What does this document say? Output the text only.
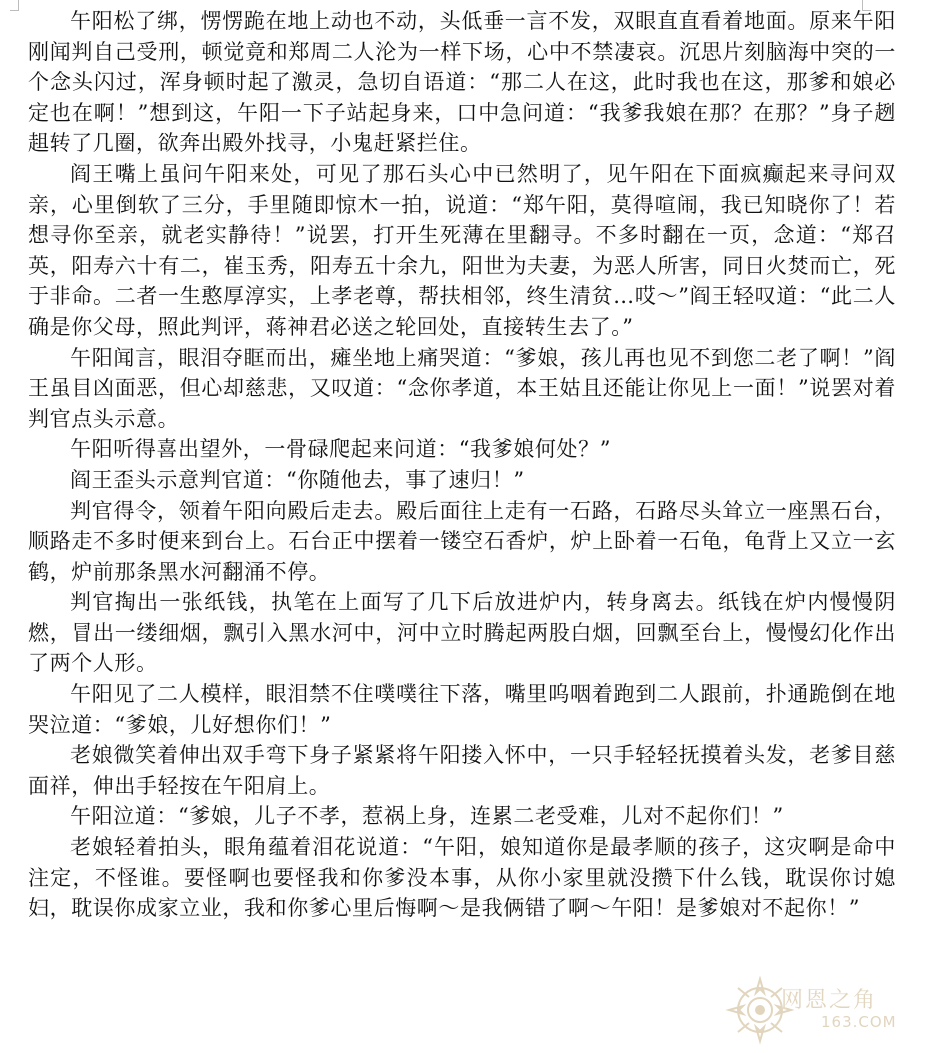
午阳松了绑，愣愣跪在地上动也不动，头低垂一言不发，双眼直直看着地面。原来午阳刚闻判自己受刑，顿觉竟和郑周二人沦为一样下场，心中不禁凄哀。沉思片刻脑海中突的一个念头闪过，浑身顿时起了激灵，急切自语道：“那二人在这，此时我也在这，那爹和娘必定也在啊！”想到这，午阳一下子站起身来，口中急问道：“我爹我娘在那？在那？”身子趔趄转了几圈，欲奔出殿外找寻，小鬼赶紧拦住。

阎王嘴上虽问午阳来处，可见了那石头心中已然明了，见午阳在下面疯癫起来寻问双亲，心里倒软了三分，手里随即惊木一拍，说道：“郑午阳，莫得喧闹，我已知晓你了！若想寻你至亲，就老实静待！”说罢，打开生死薄在里翻寻。不多时翻在一页，念道：“郑召英，阳寿六十有二，崔玉秀，阳寿五十余九，阳世为夫妻，为恶人所害，同日火焚而亡，死于非命。二者一生憨厚淳实，上孝老尊，帮扶相邻，终生清贫…哎～”阎王轻叹道：“此二人确是你父母，照此判评，蒋神君必送之轮回处，直接转生去了。”

午阳闻言，眼泪夺眶而出，瘫坐地上痛哭道：“爹娘，孩儿再也见不到您二老了啊！”阎王虽目凶面恶，但心却慈悲，又叹道：“念你孝道，本王姑且还能让你见上一面！”说罢对着判官点头示意。

午阳听得喜出望外，一骨碌爬起来问道：“我爹娘何处？”

阎王歪头示意判官道：“你随他去，事了速归！”

判官得令，领着午阳向殿后走去。殿后面往上走有一石路，石路尽头耸立一座黑石台，顺路走不多时便来到台上。石台正中摆着一镂空石香炉，炉上卧着一石龟，龟背上又立一玄鹤，炉前那条黑水河翻涌不停。

判官掏出一张纸钱，执笔在上面写了几下后放进炉内，转身离去。纸钱在炉内慢慢阴燃，冒出一缕细烟，飘引入黑水河中，河中立时腾起两股白烟，回飘至台上，慢慢幻化作出了两个人形。

午阳见了二人模样，眼泪禁不住噗噗往下落，嘴里呜咽着跑到二人跟前，扑通跪倒在地哭泣道：“爹娘，儿好想你们！”

老娘微笑着伸出双手弯下身子紧紧将午阳搂入怀中，一只手轻轻抚摸着头发，老爹目慈面祥，伸出手轻按在午阳肩上。

午阳泣道：“爹娘，儿子不孝，惹祸上身，连累二老受难，儿对不起你们！”

老娘轻着拍头，眼角蕴着泪花说道：“午阳，娘知道你是最孝顺的孩子，这灾啊是命中注定，不怪谁。要怪啊也要怪我和你爹没本事，从你小家里就没攒下什么钱，耽误你讨媳妇，耽误你成家立业，我和你爹心里后悔啊～是我俩错了啊～午阳！是爹娘对不起你！”

网恩之角
163.COM
